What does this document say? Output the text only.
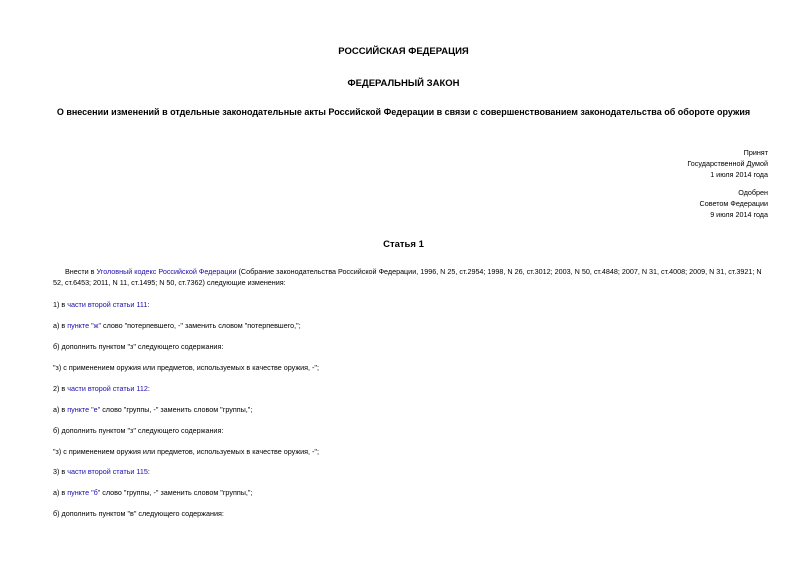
РОССИЙСКАЯ ФЕДЕРАЦИЯ
ФЕДЕРАЛЬНЫЙ ЗАКОН
О внесении изменений в отдельные законодательные акты Российской Федерации в связи с совершенствованием законодательства об обороте оружия
Принят
Государственной Думой
1 июля 2014 года
Одобрен
Советом Федерации
9 июля 2014 года
Статья 1
Внести в Уголовный кодекс Российской Федерации (Собрание законодательства Российской Федерации, 1996, N 25, ст.2954; 1998, N 26, ст.3012; 2003, N 50, ст.4848; 2007, N 31, ст.4008; 2009, N 31, ст.3921; N 52, ст.6453; 2011, N 11, ст.1495; N 50, ст.7362) следующие изменения:
1) в части второй статьи 111:
а) в пункте "ж" слово "потерпевшего, -" заменить словом "потерпевшего,";
б) дополнить пунктом "з" следующего содержания:
"з) с применением оружия или предметов, используемых в качестве оружия, -";
2) в части второй статьи 112:
а) в пункте "е" слово "группы, -" заменить словом "группы,";
б) дополнить пунктом "з" следующего содержания:
"з) с применением оружия или предметов, используемых в качестве оружия, -";
3) в части второй статьи 115:
а) в пункте "б" слово "группы, -" заменить словом "группы,";
б) дополнить пунктом "в" следующего содержания:
